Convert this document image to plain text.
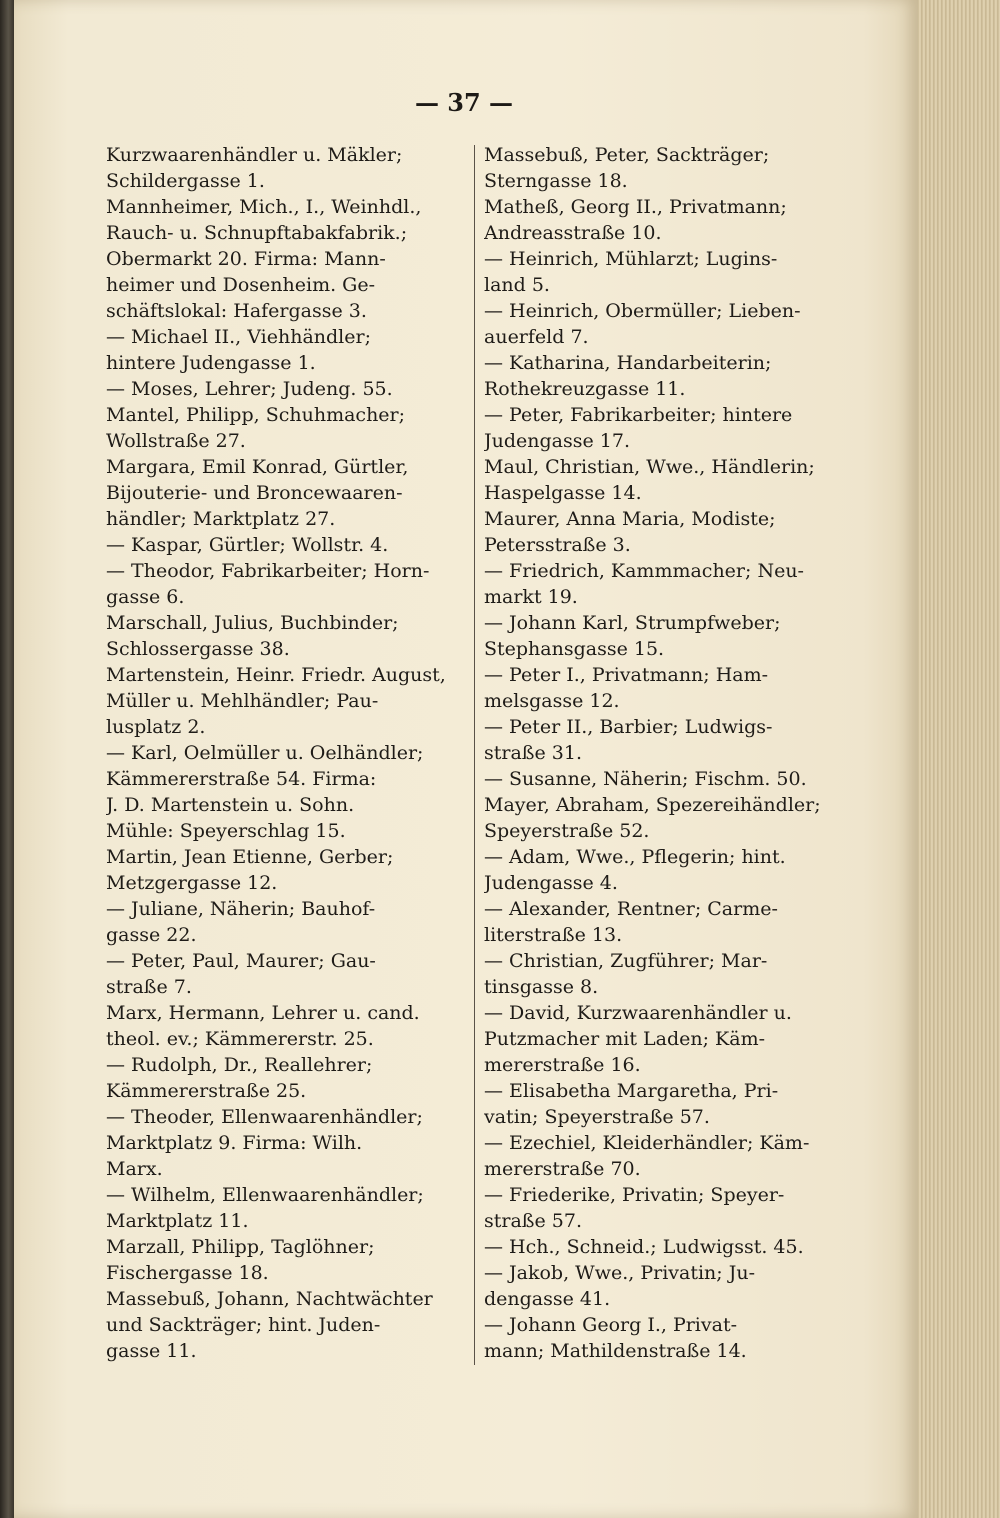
— 37 —
Kurzwaarenhändler u. Mäkler;
Schildergasse 1.
Mannheimer, Mich., I., Weinhdl.,
Rauch- u. Schnupftabakfabrik.;
Obermarkt 20. Firma: Mann-
heimer und Dosenheim. Ge-
schäftslokal: Hafergasse 3.
— Michael II., Viehhändler;
hintere Judengasse 1.
— Moses, Lehrer; Judeng. 55.
Mantel, Philipp, Schuhmacher;
Wollstraße 27.
Margara, Emil Konrad, Gürtler,
Bijouterie- und Broncewaaren-
händler; Marktplatz 27.
— Kaspar, Gürtler; Wollstr. 4.
— Theodor, Fabrikarbeiter; Horn-
gasse 6.
Marschall, Julius, Buchbinder;
Schlossergasse 38.
Martenstein, Heinr. Friedr. August,
Müller u. Mehlhändler; Pau-
lusplatz 2.
— Karl, Oelmüller u. Oelhändler;
Kämmererstraße 54. Firma:
J. D. Martenstein u. Sohn.
Mühle: Speyerschlag 15.
Martin, Jean Etienne, Gerber;
Metzgergasse 12.
— Juliane, Näherin; Bauhof-
gasse 22.
— Peter, Paul, Maurer; Gau-
straße 7.
Marx, Hermann, Lehrer u. cand.
theol. ev.; Kämmererstr. 25.
— Rudolph, Dr., Reallehrer;
Kämmererstraße 25.
— Theoder, Ellenwaarenhändler;
Marktplatz 9. Firma: Wilh.
Marx.
— Wilhelm, Ellenwaarenhändler;
Marktplatz 11.
Marzall, Philipp, Taglöhner;
Fischergasse 18.
Massebuß, Johann, Nachtwächter
und Sackträger; hint. Juden-
gasse 11.
Massebuß, Peter, Sackträger;
Sterngasse 18.
Matheß, Georg II., Privatmann;
Andreasstraße 10.
— Heinrich, Mühlarzt; Lugins-
land 5.
— Heinrich, Obermüller; Lieben-
auerfeld 7.
— Katharina, Handarbeiterin;
Rothekreuzgasse 11.
— Peter, Fabrikarbeiter; hintere
Judengasse 17.
Maul, Christian, Wwe., Händlerin;
Haspelgasse 14.
Maurer, Anna Maria, Modiste;
Petersstraße 3.
— Friedrich, Kammmacher; Neu-
markt 19.
— Johann Karl, Strumpfweber;
Stephansgasse 15.
— Peter I., Privatmann; Ham-
melsgasse 12.
— Peter II., Barbier; Ludwigs-
straße 31.
— Susanne, Näherin; Fischm. 50.
Mayer, Abraham, Spezereihändler;
Speyerstraße 52.
— Adam, Wwe., Pflegerin; hint.
Judengasse 4.
— Alexander, Rentner; Carme-
literstraße 13.
— Christian, Zugführer; Mar-
tinsgasse 8.
— David, Kurzwaarenhändler u.
Putzmacher mit Laden; Käm-
mererstraße 16.
— Elisabetha Margaretha, Pri-
vatin; Speyerstraße 57.
— Ezechiel, Kleiderhändler; Käm-
mererstraße 70.
— Friederike, Privatin; Speyer-
straße 57.
— Hch., Schneid.; Ludwigsst. 45.
— Jakob, Wwe., Privatin; Ju-
dengasse 41.
— Johann Georg I., Privat-
mann; Mathildenstraße 14.
